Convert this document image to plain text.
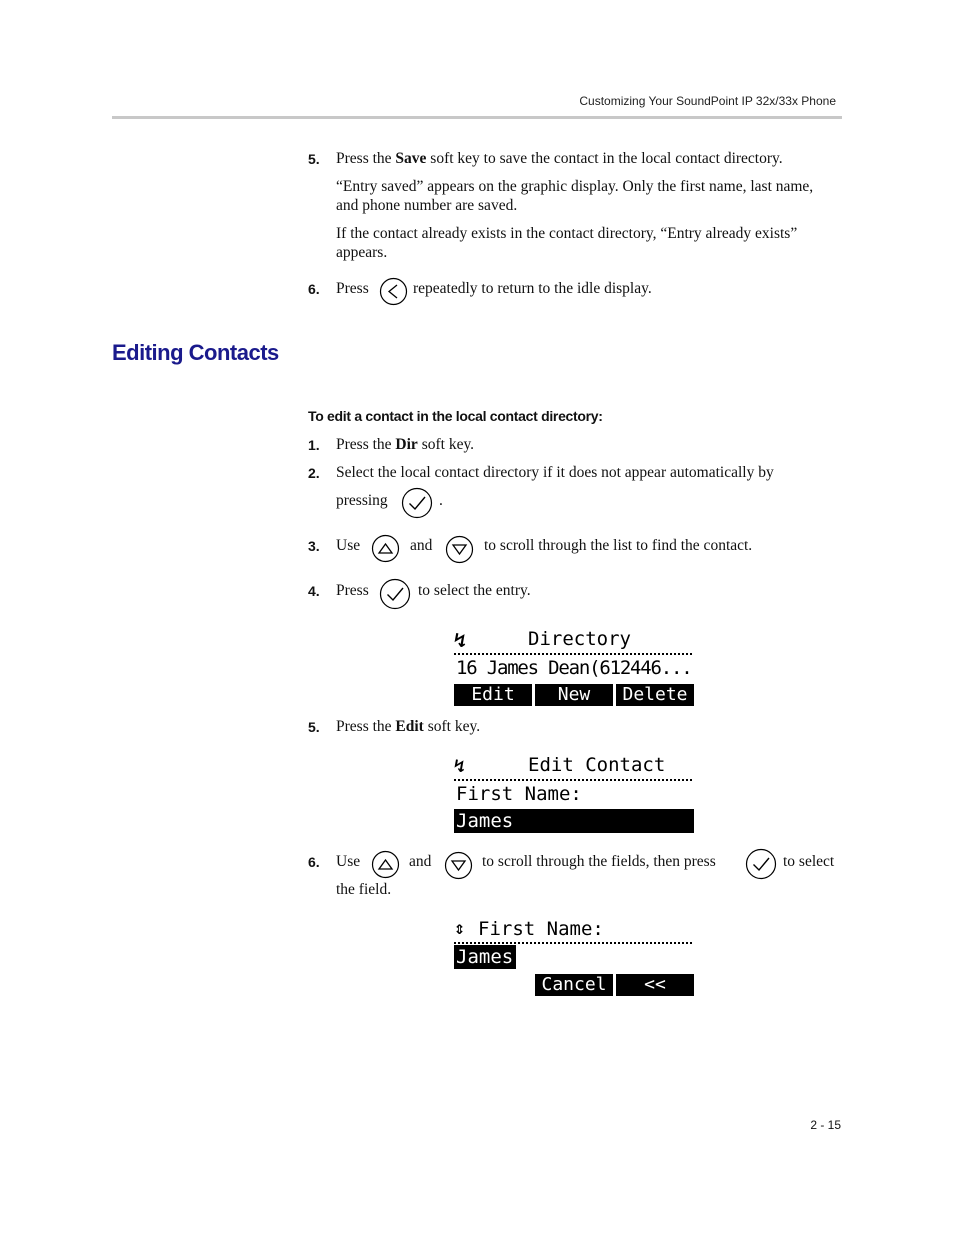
Customizing Your SoundPoint IP 32x/33x Phone
5. Press the Save soft key to save the contact in the local contact directory.
“Entry saved” appears on the graphic display. Only the first name, last name, and phone number are saved.
If the contact already exists in the contact directory, “Entry already exists” appears.
6. Press	repeatedly to return to the idle display.
Editing Contacts
To edit a contact in the local contact directory:
1. Press the Dir soft key.
2. Select the local contact directory if it does not appear automatically by
pressing	.
3. Use	and	to scroll through the list to find the contact.
4. Press	to select the entry.
↯	Directory
16 James Dean(612446...
Edit	New	Delete
5. Press the Edit soft key.
↯	Edit Contact
First Name:
James
6. Use	and	to scroll through the fields, then press	to select
the field.
⇕ First Name:
James
Cancel	<<
2 - 15
